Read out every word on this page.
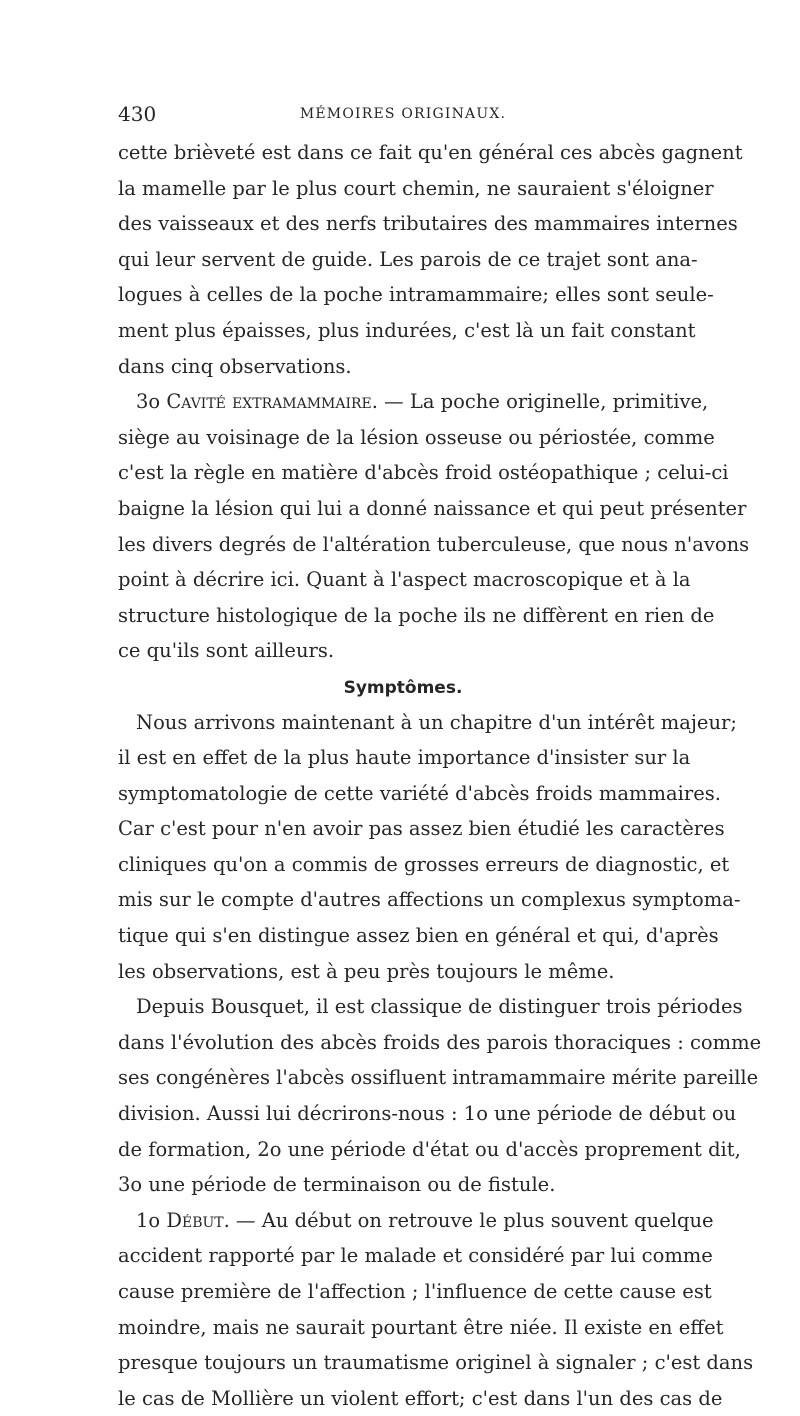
430	MÉMOIRES ORIGINAUX.
cette brièveté est dans ce fait qu'en général ces abcès gagnent
la mamelle par le plus court chemin, ne sauraient s'éloigner
des vaisseaux et des nerfs tributaires des mammaires internes
qui leur servent de guide. Les parois de ce trajet sont ana-
logues à celles de la poche intramammaire; elles sont seule-
ment plus épaisses, plus indurées, c'est là un fait constant
dans cinq observations.
3o Cavité extramammaire. — La poche originelle, primitive,
siège au voisinage de la lésion osseuse ou périostée, comme
c'est la règle en matière d'abcès froid ostéopathique ; celui-ci
baigne la lésion qui lui a donné naissance et qui peut présenter
les divers degrés de l'altération tuberculeuse, que nous n'avons
point à décrire ici. Quant à l'aspect macroscopique et à la
structure histologique de la poche ils ne diffèrent en rien de
ce qu'ils sont ailleurs.
Symptômes.
Nous arrivons maintenant à un chapitre d'un intérêt majeur;
il est en effet de la plus haute importance d'insister sur la
symptomatologie de cette variété d'abcès froids mammaires.
Car c'est pour n'en avoir pas assez bien étudié les caractères
cliniques qu'on a commis de grosses erreurs de diagnostic, et
mis sur le compte d'autres affections un complexus symptoma-
tique qui s'en distingue assez bien en général et qui, d'après
les observations, est à peu près toujours le même.
Depuis Bousquet, il est classique de distinguer trois périodes
dans l'évolution des abcès froids des parois thoraciques : comme
ses congénères l'abcès ossifluent intramammaire mérite pareille
division. Aussi lui décrirons-nous : 1o une période de début ou
de formation, 2o une période d'état ou d'accès proprement dit,
3o une période de terminaison ou de fistule.
1o Début. — Au début on retrouve le plus souvent quelque
accident rapporté par le malade et considéré par lui comme
cause première de l'affection ; l'influence de cette cause est
moindre, mais ne saurait pourtant être niée. Il existe en effet
presque toujours un traumatisme originel à signaler ; c'est dans
le cas de Mollière un violent effort; c'est dans l'un des cas de
